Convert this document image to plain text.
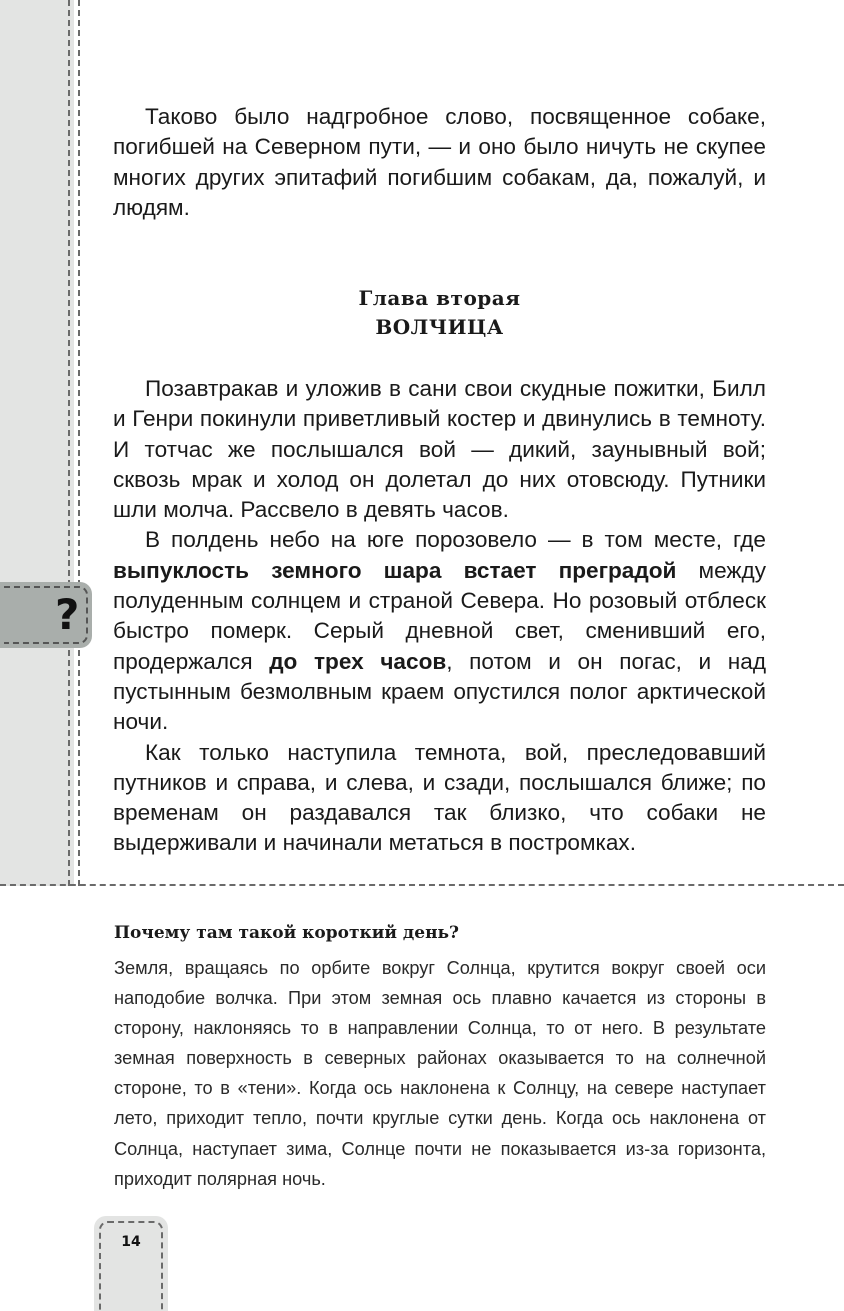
?

Таково было надгробное слово, посвященное собаке, погибшей на Северном пути, — и оно было ничуть не скупее многих других эпитафий погибшим собакам, да, пожалуй, и людям.

Глава вторая
ВОЛЧИЦА

Позавтракав и уложив в сани свои скудные пожитки, Билл и Генри покинули приветливый костер и двинулись в темноту. И тотчас же послышался вой — дикий, заунывный вой; сквозь мрак и холод он долетал до них отовсюду. Путники шли молча. Рассвело в девять часов.

В полдень небо на юге порозовело — в том месте, где выпуклость земного шара встает преградой между полуденным солнцем и страной Севера. Но розовый отблеск быстро померк. Серый дневной свет, сменивший его, продержался до трех часов, потом и он погас, и над пустынным безмолвным краем опустился полог арктической ночи.

Как только наступила темнота, вой, преследовавший путников и справа, и слева, и сзади, послышался ближе; по временам он раздавался так близко, что собаки не выдерживали и начинали метаться в постромках.

Почему там такой короткий день?
Земля, вращаясь по орбите вокруг Солнца, крутится вокруг своей оси наподобие волчка. При этом земная ось плавно качается из стороны в сторону, наклоняясь то в направлении Солнца, то от него. В результате земная поверхность в северных районах оказывается то на солнечной стороне, то в «тени». Когда ось наклонена к Солнцу, на севере наступает лето, приходит тепло, почти круглые сутки день. Когда ось наклонена от Солнца, наступает зима, Солнце почти не показывается из-за горизонта, приходит полярная ночь.
14
